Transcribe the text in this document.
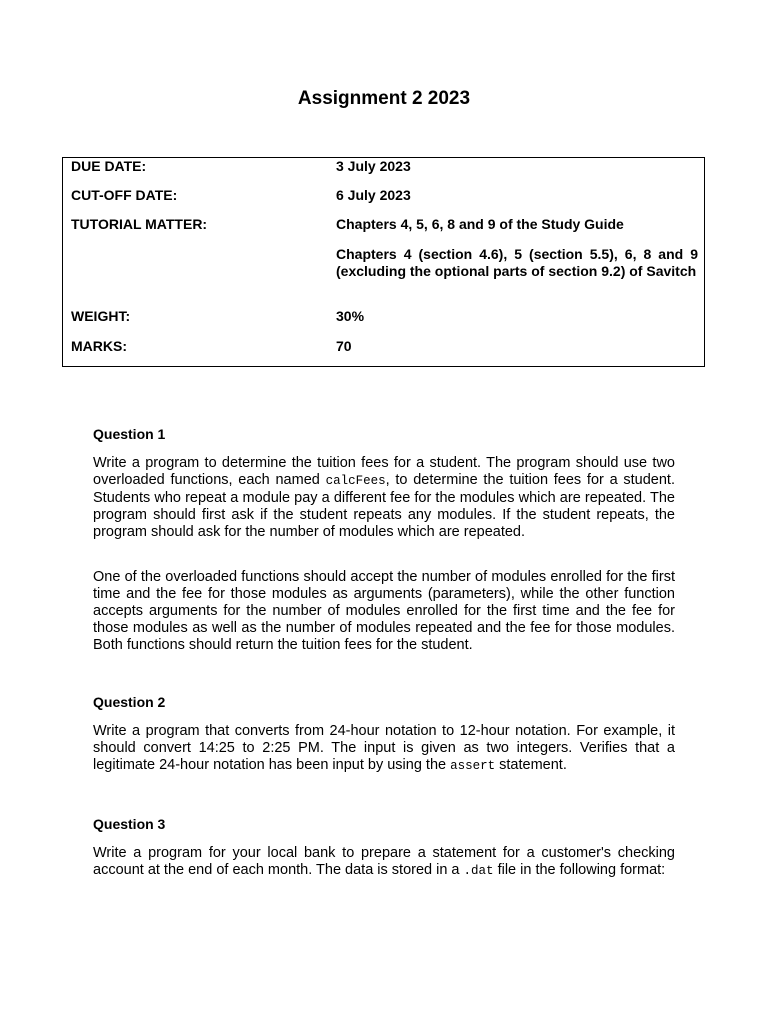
Assignment 2 2023
DUE DATE:	3 July 2023
CUT-OFF DATE:	6 July 2023
TUTORIAL MATTER:	Chapters 4, 5, 6, 8 and 9 of the Study Guide
Chapters 4 (section 4.6), 5 (section 5.5), 6, 8 and 9 (excluding the optional parts of section 9.2) of Savitch
WEIGHT:	30%
MARKS:	70
Question 1

Write a program to determine the tuition fees for a student. The program should use two overloaded functions, each named calcFees, to determine the tuition fees for a student. Students who repeat a module pay a different fee for the modules which are repeated. The program should first ask if the student repeats any modules. If the student repeats, the program should ask for the number of modules which are repeated.

One of the overloaded functions should accept the number of modules enrolled for the first time and the fee for those modules as arguments (parameters), while the other function accepts arguments for the number of modules enrolled for the first time and the fee for those modules as well as the number of modules repeated and the fee for those modules. Both functions should return the tuition fees for the student.

Question 2

Write a program that converts from 24-hour notation to 12-hour notation. For example, it should convert 14:25 to 2:25 PM. The input is given as two integers. Verifies that a legitimate 24-hour notation has been input by using the assert statement.

Question 3

Write a program for your local bank to prepare a statement for a customer's checking account at the end of each month. The data is stored in a .dat file in the following format:
